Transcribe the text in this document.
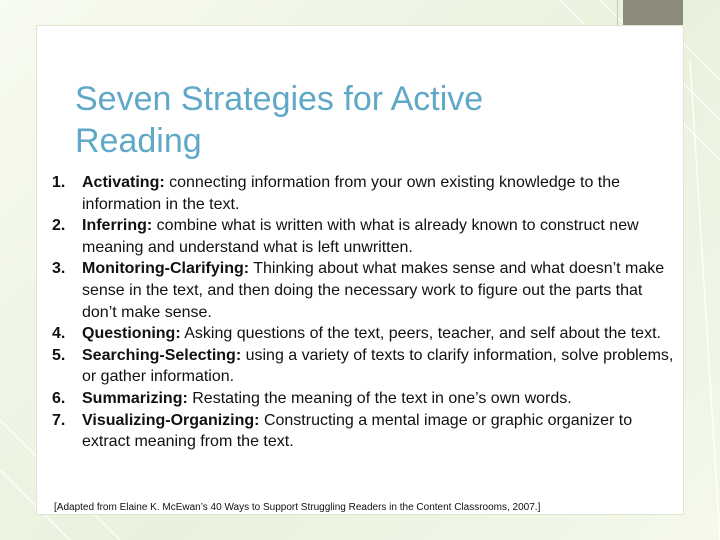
Seven Strategies for Active Reading
1.	Activating: connecting information from your own existing knowledge to the information in the text.
2.	Inferring: combine what is written with what is already known to construct new meaning and understand what is left unwritten.
3.	Monitoring-Clarifying: Thinking about what makes sense and what doesn’t make sense in the text, and then doing the necessary work to figure out the parts that don’t make sense.
4.	Questioning: Asking questions of the text, peers, teacher, and self about the text.
5.	Searching-Selecting: using a variety of texts to clarify information, solve problems, or gather information.
6.	Summarizing: Restating the meaning of the text in one’s own words.
7.	Visualizing-Organizing: Constructing a mental image or graphic organizer to extract meaning from the text.
[Adapted from Elaine K. McEwan’s 40 Ways to Support Struggling Readers in the Content Classrooms, 2007.]
